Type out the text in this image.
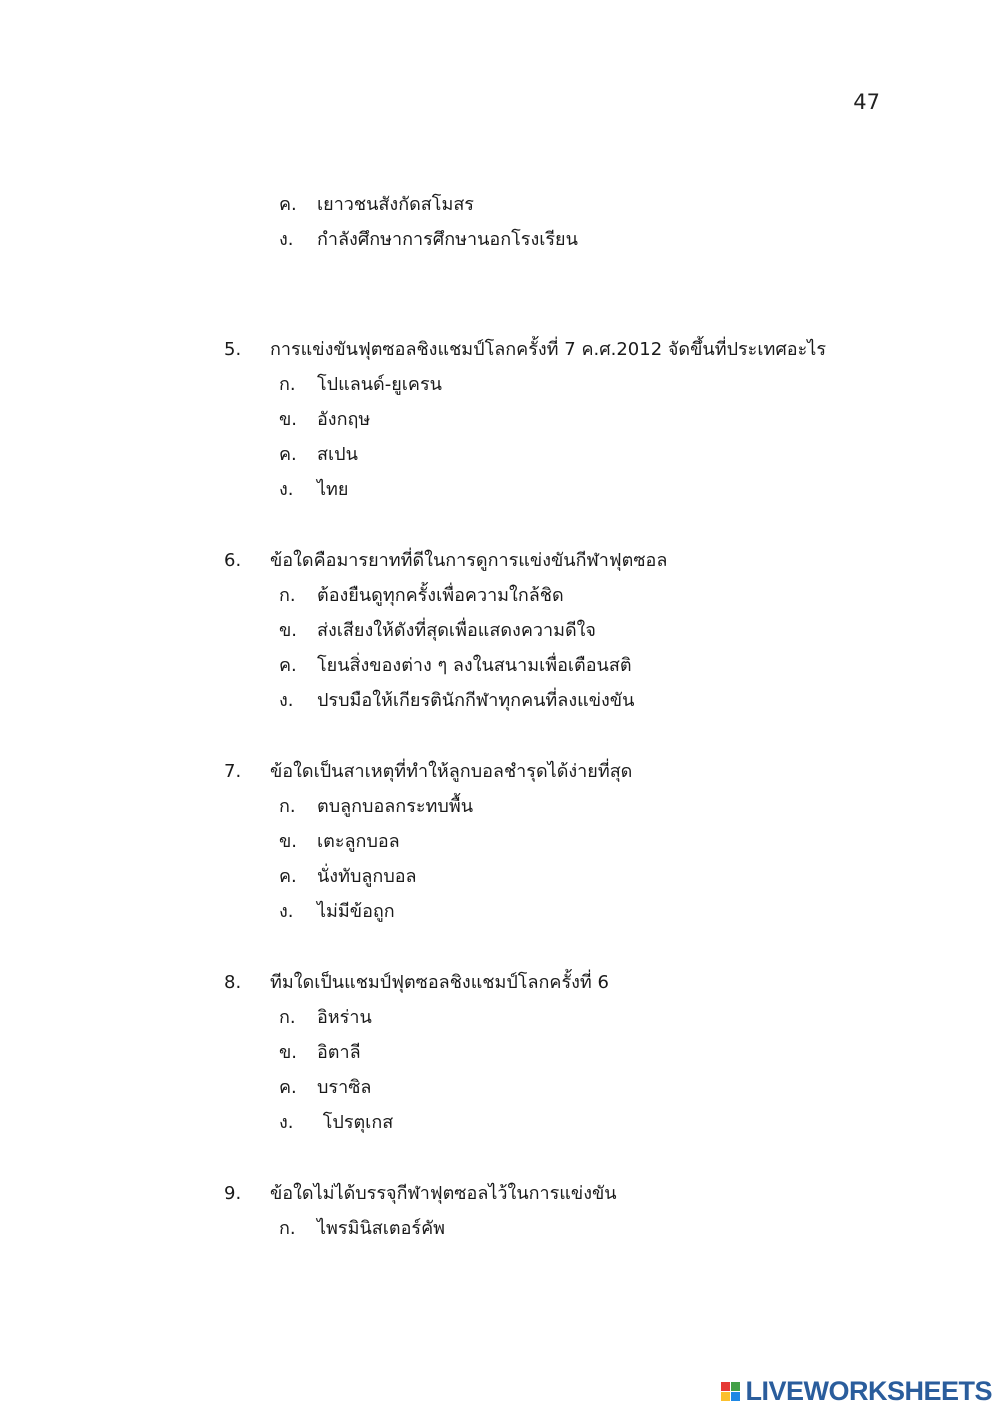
47
ค. เยาวชนสังกัดสโมสร
ง. กำลังศึกษาการศึกษานอกโรงเรียน
5. การแข่งขันฟุตซอลชิงแชมป์โลกครั้งที่ 7 ค.ศ.2012 จัดขึ้นที่ประเทศอะไร
ก. โปแลนด์-ยูเครน
ข. อังกฤษ
ค. สเปน
ง. ไทย
6. ข้อใดคือมารยาทที่ดีในการดูการแข่งขันกีฬาฟุตซอล
ก. ต้องยืนดูทุกครั้งเพื่อความใกล้ชิด
ข. ส่งเสียงให้ดังที่สุดเพื่อแสดงความดีใจ
ค. โยนสิ่งของต่าง ๆ ลงในสนามเพื่อเตือนสติ
ง. ปรบมือให้เกียรตินักกีฬาทุกคนที่ลงแข่งขัน
7. ข้อใดเป็นสาเหตุที่ทำให้ลูกบอลชำรุดได้ง่ายที่สุด
ก. ตบลูกบอลกระทบพื้น
ข. เตะลูกบอล
ค. นั่งทับลูกบอล
ง. ไม่มีข้อถูก
8. ทีมใดเป็นแชมป์ฟุตซอลชิงแชมป์โลกครั้งที่ 6
ก. อิหร่าน
ข. อิตาลี
ค. บราซิล
ง. โปรตุเกส
9. ข้อใดไม่ได้บรรจุกีฬาฟุตซอลไว้ในการแข่งขัน
ก. ไพรมินิสเตอร์คัพ
LIVEWORKSHEETS
